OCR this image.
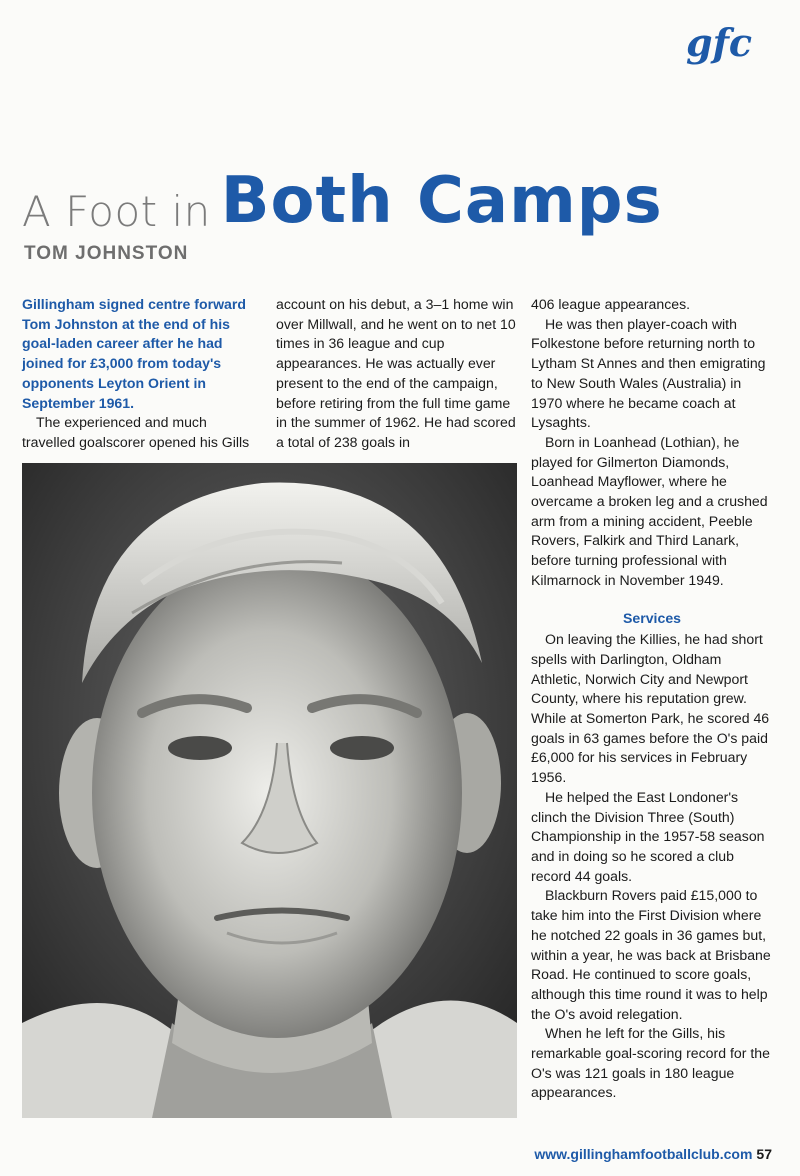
gfc
A Foot in Both Camps
TOM JOHNSTON

Gillingham signed centre forward Tom Johnston at the end of his goal-laden career after he had joined for £3,000 from today's opponents Leyton Orient in September 1961.

The experienced and much travelled goalscorer opened his Gills

account on his debut, a 3–1 home win over Millwall, and he went on to net 10 times in 36 league and cup appearances. He was actually ever present to the end of the campaign, before retiring from the full time game in the summer of 1962. He had scored a total of 238 goals in

406 league appearances.

He was then player-coach with Folkestone before returning north to Lytham St Annes and then emigrating to New South Wales (Australia) in 1970 where he became coach at Lysaghts.

Born in Loanhead (Lothian), he played for Gilmerton Diamonds, Loanhead Mayflower, where he overcame a broken leg and a crushed arm from a mining accident, Peeble Rovers, Falkirk and Third Lanark, before turning professional with Kilmarnock in November 1949.

Services

On leaving the Killies, he had short spells with Darlington, Oldham Athletic, Norwich City and Newport County, where his reputation grew. While at Somerton Park, he scored 46 goals in 63 games before the O's paid £6,000 for his services in February 1956.

He helped the East Londoner's clinch the Division Three (South) Championship in the 1957-58 season and in doing so he scored a club record 44 goals.

Blackburn Rovers paid £15,000 to take him into the First Division where he notched 22 goals in 36 games but, within a year, he was back at Brisbane Road. He continued to score goals, although this time round it was to help the O's avoid relegation.

When he left for the Gills, his remarkable goal-scoring record for the O's was 121 goals in 180 league appearances.

www.gillinghamfootballclub.com 57
